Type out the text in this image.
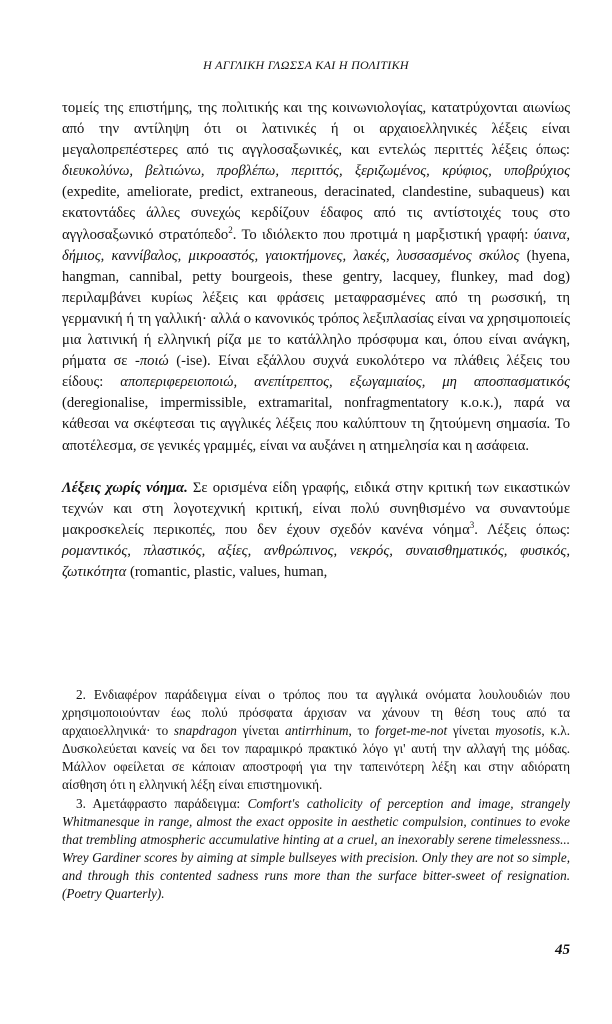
Η ΑΓΓΛΙΚΗ ΓΛΩΣΣΑ ΚΑΙ Η ΠΟΛΙΤΙΚΗ

τομείς της επιστήμης, της πολιτικής και της κοινωνιολογίας, κατατρύχονται αιωνίως από την αντίληψη ότι οι λατινικές ή οι αρχαιοελληνικές λέξεις είναι μεγαλοπρεπέστερες από τις αγγλοσαξωνικές, και εντελώς περιττές λέξεις όπως: διευκολύνω, βελτιώνω, προβλέπω, περιττός, ξεριζωμένος, κρύφιος, υποβρύχιος (expedite, ameliorate, predict, extraneous, deracinated, clandestine, subaqueus) και εκατοντάδες άλλες συνεχώς κερδίζουν έδαφος από τις αντίστοιχές τους στο αγγλοσαξωνικό στρατόπεδο$^2$. Το ιδιόλεκτο που προτιμά η μαρξιστική γραφή: ύαινα, δήμιος, καννίβαλος, μικροαστός, γαιοκτήμονες, λακές, λυσσασμένος σκύλος (hyena, hangman, cannibal, petty bourgeois, these gentry, lacquey, flunkey, mad dog) περιλαμβάνει κυρίως λέξεις και φράσεις μεταφρασμένες από τη ρωσσική, τη γερμανική ή τη γαλλική· αλλά ο κανονικός τρόπος λεξιπλασίας είναι να χρησιμοποιείς μια λατινική ή ελληνική ρίζα με το κατάλληλο πρόσφυμα και, όπου είναι ανάγκη, ρήματα σε -ποιώ (-ise). Είναι εξάλλου συχνά ευκολότερο να πλάθεις λέξεις του είδους: αποπεριφερειοποιώ, ανεπίτρεπτος, εξωγαμιαίος, μη αποσπασματικός (deregionalise, impermissible, extramarital, nonfragmentatory κ.ο.κ.), παρά να κάθεσαι να σκέφτεσαι τις αγγλικές λέξεις που καλύπτουν τη ζητούμενη σημασία. Το αποτέλεσμα, σε γενικές γραμμές, είναι να αυξάνει η ατημελησία και η ασάφεια.

Λέξεις χωρίς νόημα. Σε ορισμένα είδη γραφής, ειδικά στην κριτική των εικαστικών τεχνών και στη λογοτεχνική κριτική, είναι πολύ συνηθισμένο να συναντούμε μακροσκελείς περικοπές, που δεν έχουν σχεδόν κανένα νόημα$^3$. Λέξεις όπως: ρομαντικός, πλαστικός, αξίες, ανθρώπινος, νεκρός, συναισθηματικός, φυσικός, ζωτικότητα (romantic, plastic, values, human,

2. Ενδιαφέρον παράδειγμα είναι ο τρόπος που τα αγγλικά ονόματα λουλουδιών που χρησιμοποιούνταν έως πολύ πρόσφατα άρχισαν να χάνουν τη θέση τους από τα αρχαιοελληνικά· το snapdragon γίνεται antirrhinum, το forget-me-not γίνεται myosotis, κ.λ. Δυσκολεύεται κανείς να δει τον παραμικρό πρακτικό λόγο γι' αυτή την αλλαγή της μόδας. Μάλλον οφείλεται σε κάποιαν αποστροφή για την ταπεινότερη λέξη και στην αδιόρατη αίσθηση ότι η ελληνική λέξη είναι επιστημονική.

3. Αμετάφραστο παράδειγμα: Comfort's catholicity of perception and image, strangely Whitmanesque in range, almost the exact opposite in aesthetic compulsion, continues to evoke that trembling atmospheric accumulative hinting at a cruel, an inexorably serene timelessness... Wrey Gardiner scores by aiming at simple bullseyes with precision. Only they are not so simple, and through this contented sadness runs more than the surface bitter-sweet of resignation. (Poetry Quarterly).

45
